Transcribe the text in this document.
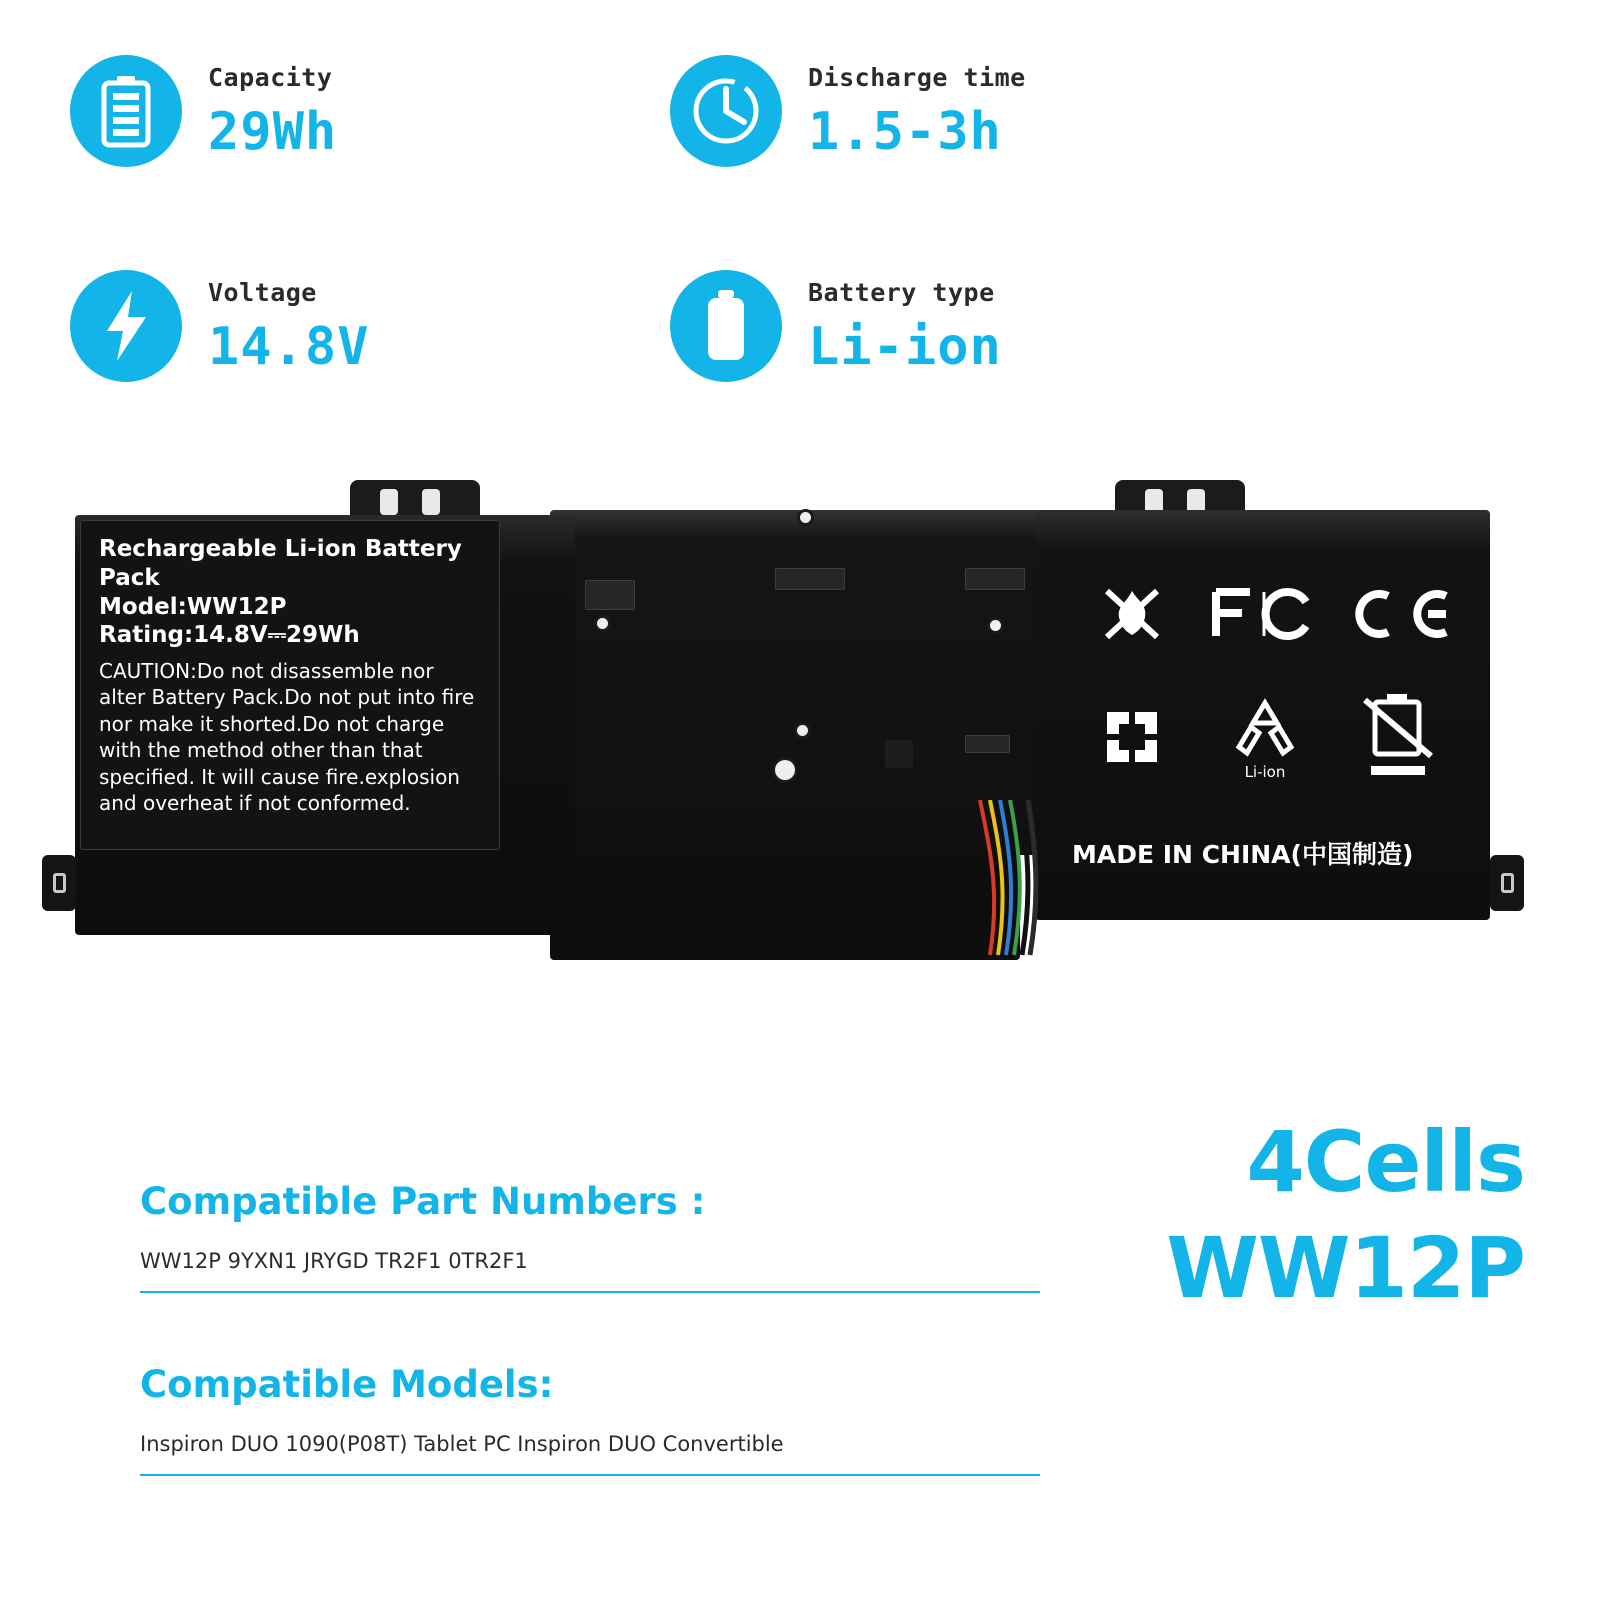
Capacity
29Wh
Discharge time
1.5-3h
Voltage
14.8V
Battery type
Li-ion
Rechargeable Li-ion Battery Pack
Model:WW12P
Rating:14.8V⎓29Wh
CAUTION:Do not disassemble nor alter Battery Pack.Do not put into fire nor make it shorted.Do not charge with the method other than that specified. It will cause fire.explosion and overheat if not conformed.
Li-ion
MADE IN CHINA(中国制造)
Compatible Part Numbers :
WW12P 9YXN1 JRYGD TR2F1 0TR2F1
Compatible Models:
Inspiron DUO 1090(P08T) Tablet PC Inspiron DUO Convertible
4Cells
WW12P
